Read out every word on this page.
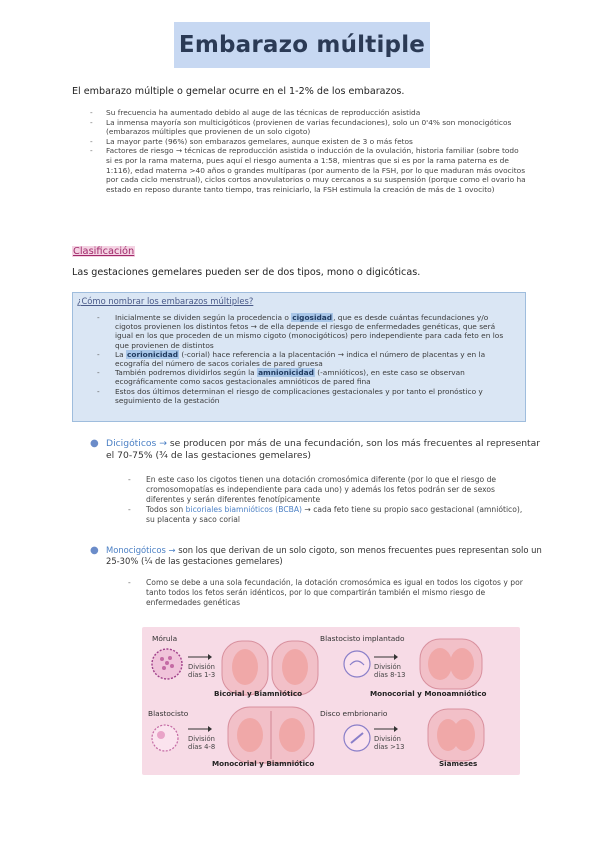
Embarazo múltiple
El embarazo múltiple o gemelar ocurre en el 1-2% de los embarazos.
- Su frecuencia ha aumentado debido al auge de las técnicas de reproducción asistida
- La inmensa mayoría son multicigóticos (provienen de varias fecundaciones), solo un 0'4% son monocigóticos (embarazos múltiples que provienen de un solo cigoto)
- La mayor parte (96%) son embarazos gemelares, aunque existen de 3 o más fetos
- Factores de riesgo → técnicas de reproducción asistida o inducción de la ovulación, historia familiar (sobre todo si es por la rama materna, pues aquí el riesgo aumenta a 1:58, mientras que si es por la rama paterna es de 1:116), edad materna >40 años o grandes multíparas (por aumento de la FSH, por lo que maduran más ovocitos por cada ciclo menstrual), ciclos cortos anovulatorios o muy cercanos a su suspensión (porque como el ovario ha estado en reposo durante tanto tiempo, tras reiniciarlo, la FSH estimula la creación de más de 1 ovocito)
Clasificación
Las gestaciones gemelares pueden ser de dos tipos, mono o digicóticas.
¿Cómo nombrar los embarazos múltiples?
- Inicialmente se dividen según la procedencia o cigosidad, que es desde cuántas fecundaciones y/o cigotos provienen los distintos fetos → de ella depende el riesgo de enfermedades genéticas, que será igual en los que proceden de un mismo cigoto (monocigóticos) pero independiente para cada feto en los que provienen de distintos
- La corionicidad (-corial) hace referencia a la placentación → indica el número de placentas y en la ecografía del número de sacos coriales de pared gruesa
- También podremos dividirlos según la amnionicidad (-amnióticos), en este caso se observan ecográficamente como sacos gestacionales amnióticos de pared fina
- Estos dos últimos determinan el riesgo de complicaciones gestacionales y por tanto el pronóstico y seguimiento de la gestación
● Dicigóticos → se producen por más de una fecundación, son los más frecuentes al representar el 70-75% (¾ de las gestaciones gemelares)
- En este caso los cigotos tienen una dotación cromosómica diferente (por lo que el riesgo de cromosomopatías es independiente para cada uno) y además los fetos podrán ser de sexos diferentes y serán diferentes fenotípicamente
- Todos son bicoriales biamnióticos (BCBA) → cada feto tiene su propio saco gestacional (amniótico), su placenta y saco corial
● Monocigóticos → son los que derivan de un solo cigoto, son menos frecuentes pues representan solo un 25-30% (¼ de las gestaciones gemelares)
- Como se debe a una sola fecundación, la dotación cromosómica es igual en todos los cigotos y por tanto todos los fetos serán idénticos, por lo que compartirán también el mismo riesgo de enfermedades genéticas
Mórula
División
días 1-3
Bicorial y Biamniótico
Blastocisto implantado
División
días 8-13
Monocorial y Monoamniótico
Blastocisto
División
días 4-8
Monocorial y Biamniótico
Disco embrionario
División
días >13
Siameses
